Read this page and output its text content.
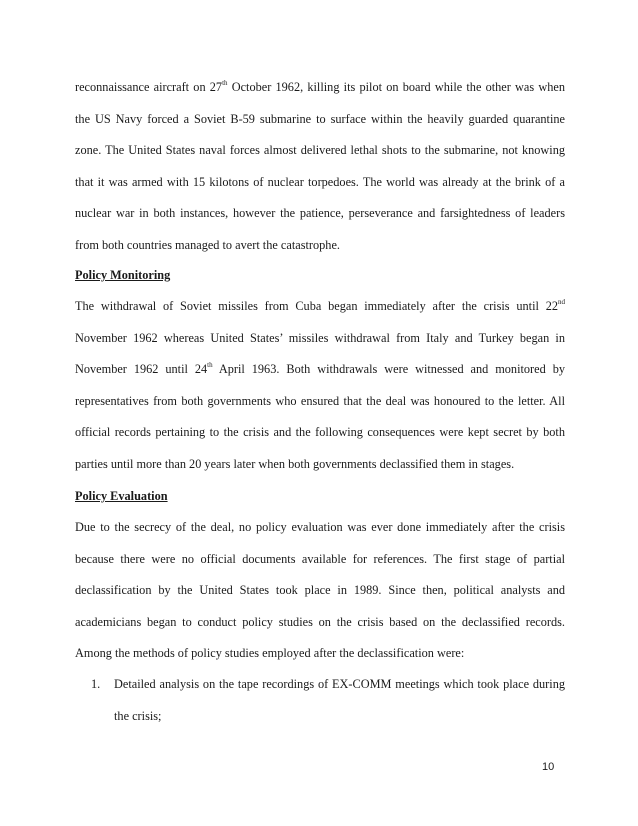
reconnaissance aircraft on 27th October 1962, killing its pilot on board while the other was when the US Navy forced a Soviet B-59 submarine to surface within the heavily guarded quarantine zone. The United States naval forces almost delivered lethal shots to the submarine, not knowing that it was armed with 15 kilotons of nuclear torpedoes. The world was already at the brink of a nuclear war in both instances, however the patience, perseverance and farsightedness of leaders from both countries managed to avert the catastrophe.

Policy Monitoring

The withdrawal of Soviet missiles from Cuba began immediately after the crisis until 22nd November 1962 whereas United States’ missiles withdrawal from Italy and Turkey began in November 1962 until 24th April 1963. Both withdrawals were witnessed and monitored by representatives from both governments who ensured that the deal was honoured to the letter. All official records pertaining to the crisis and the following consequences were kept secret by both parties until more than 20 years later when both governments declassified them in stages.

Policy Evaluation

Due to the secrecy of the deal, no policy evaluation was ever done immediately after the crisis because there were no official documents available for references. The first stage of partial declassification by the United States took place in 1989. Since then, political analysts and academicians began to conduct policy studies on the crisis based on the declassified records. Among the methods of policy studies employed after the declassification were:

1. Detailed analysis on the tape recordings of EX-COMM meetings which took place during the crisis;
10
